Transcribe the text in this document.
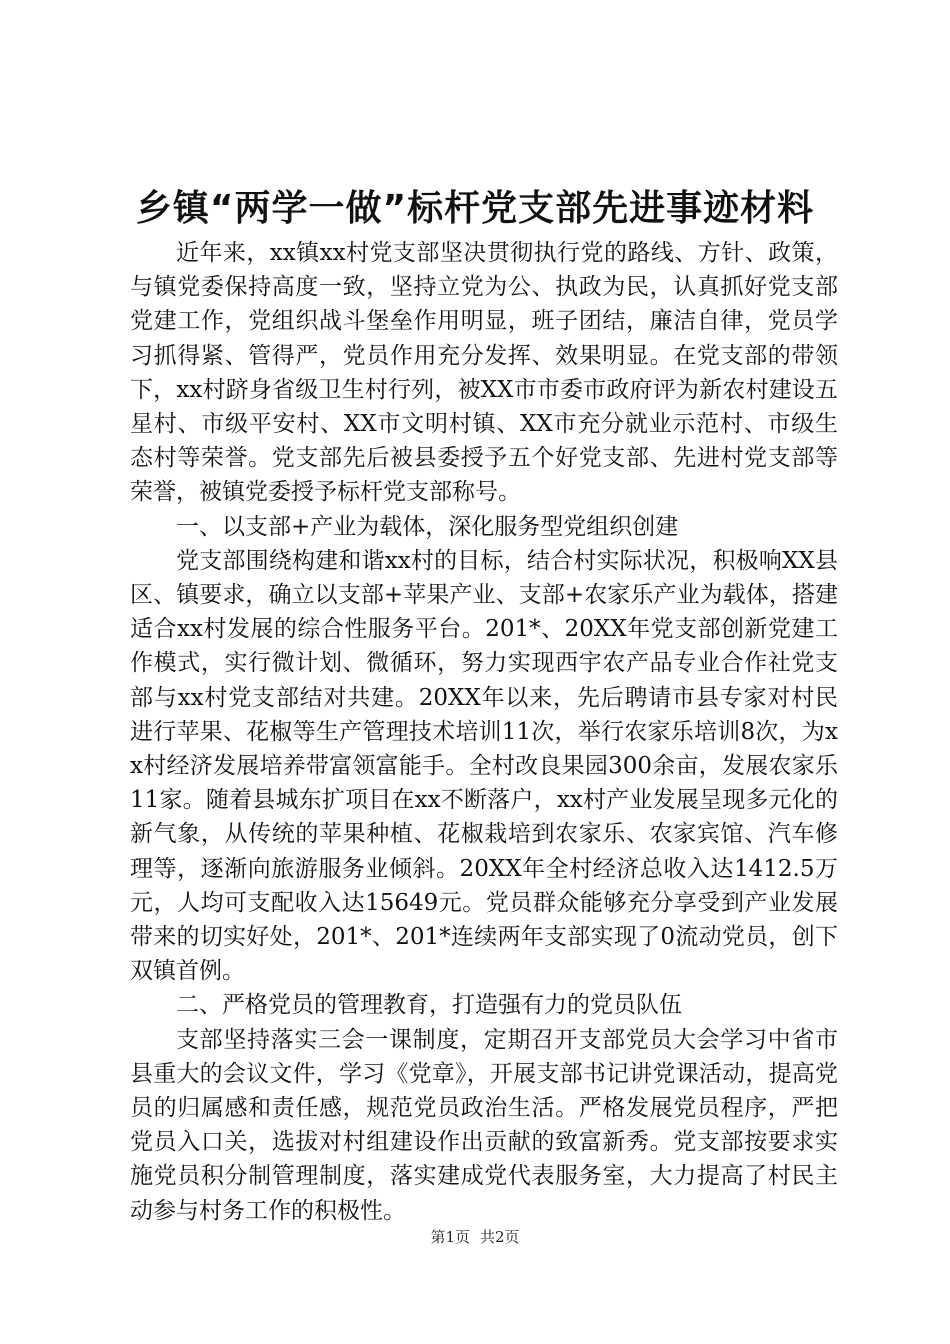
乡镇“两学一做”标杆党支部先进事迹材料

近年来，xx镇xx村党支部坚决贯彻执行党的路线、方针、政策，与镇党委保持高度一致，坚持立党为公、执政为民，认真抓好党支部党建工作，党组织战斗堡垒作用明显，班子团结，廉洁自律，党员学习抓得紧、管得严，党员作用充分发挥、效果明显。在党支部的带领下，xx村跻身省级卫生村行列，被XX市市委市政府评为新农村建设五星村、市级平安村、XX市文明村镇、XX市充分就业示范村、市级生态村等荣誉。党支部先后被县委授予五个好党支部、先进村党支部等荣誉，被镇党委授予标杆党支部称号。

一、以支部+产业为载体，深化服务型党组织创建

党支部围绕构建和谐xx村的目标，结合村实际状况，积极响XX县区、镇要求，确立以支部+苹果产业、支部+农家乐产业为载体，搭建适合xx村发展的综合性服务平台。201*、20XX年党支部创新党建工作模式，实行微计划、微循环，努力实现西宇农产品专业合作社党支部与xx村党支部结对共建。20XX年以来，先后聘请市县专家对村民进行苹果、花椒等生产管理技术培训11次，举行农家乐培训8次，为xx村经济发展培养带富领富能手。全村改良果园300余亩，发展农家乐11家。随着县城东扩项目在xx不断落户，xx村产业发展呈现多元化的新气象，从传统的苹果种植、花椒栽培到农家乐、农家宾馆、汽车修理等，逐渐向旅游服务业倾斜。20XX年全村经济总收入达1412.5万元，人均可支配收入达15649元。党员群众能够充分享受到产业发展带来的切实好处，201*、201*连续两年支部实现了0流动党员，创下双镇首例。

二、严格党员的管理教育，打造强有力的党员队伍

支部坚持落实三会一课制度，定期召开支部党员大会学习中省市县重大的会议文件，学习《党章》，开展支部书记讲党课活动，提高党员的归属感和责任感，规范党员政治生活。严格发展党员程序，严把党员入口关，选拔对村组建设作出贡献的致富新秀。党支部按要求实施党员积分制管理制度，落实建成党代表服务室，大力提高了村民主动参与村务工作的积极性。

第1页 共2页
